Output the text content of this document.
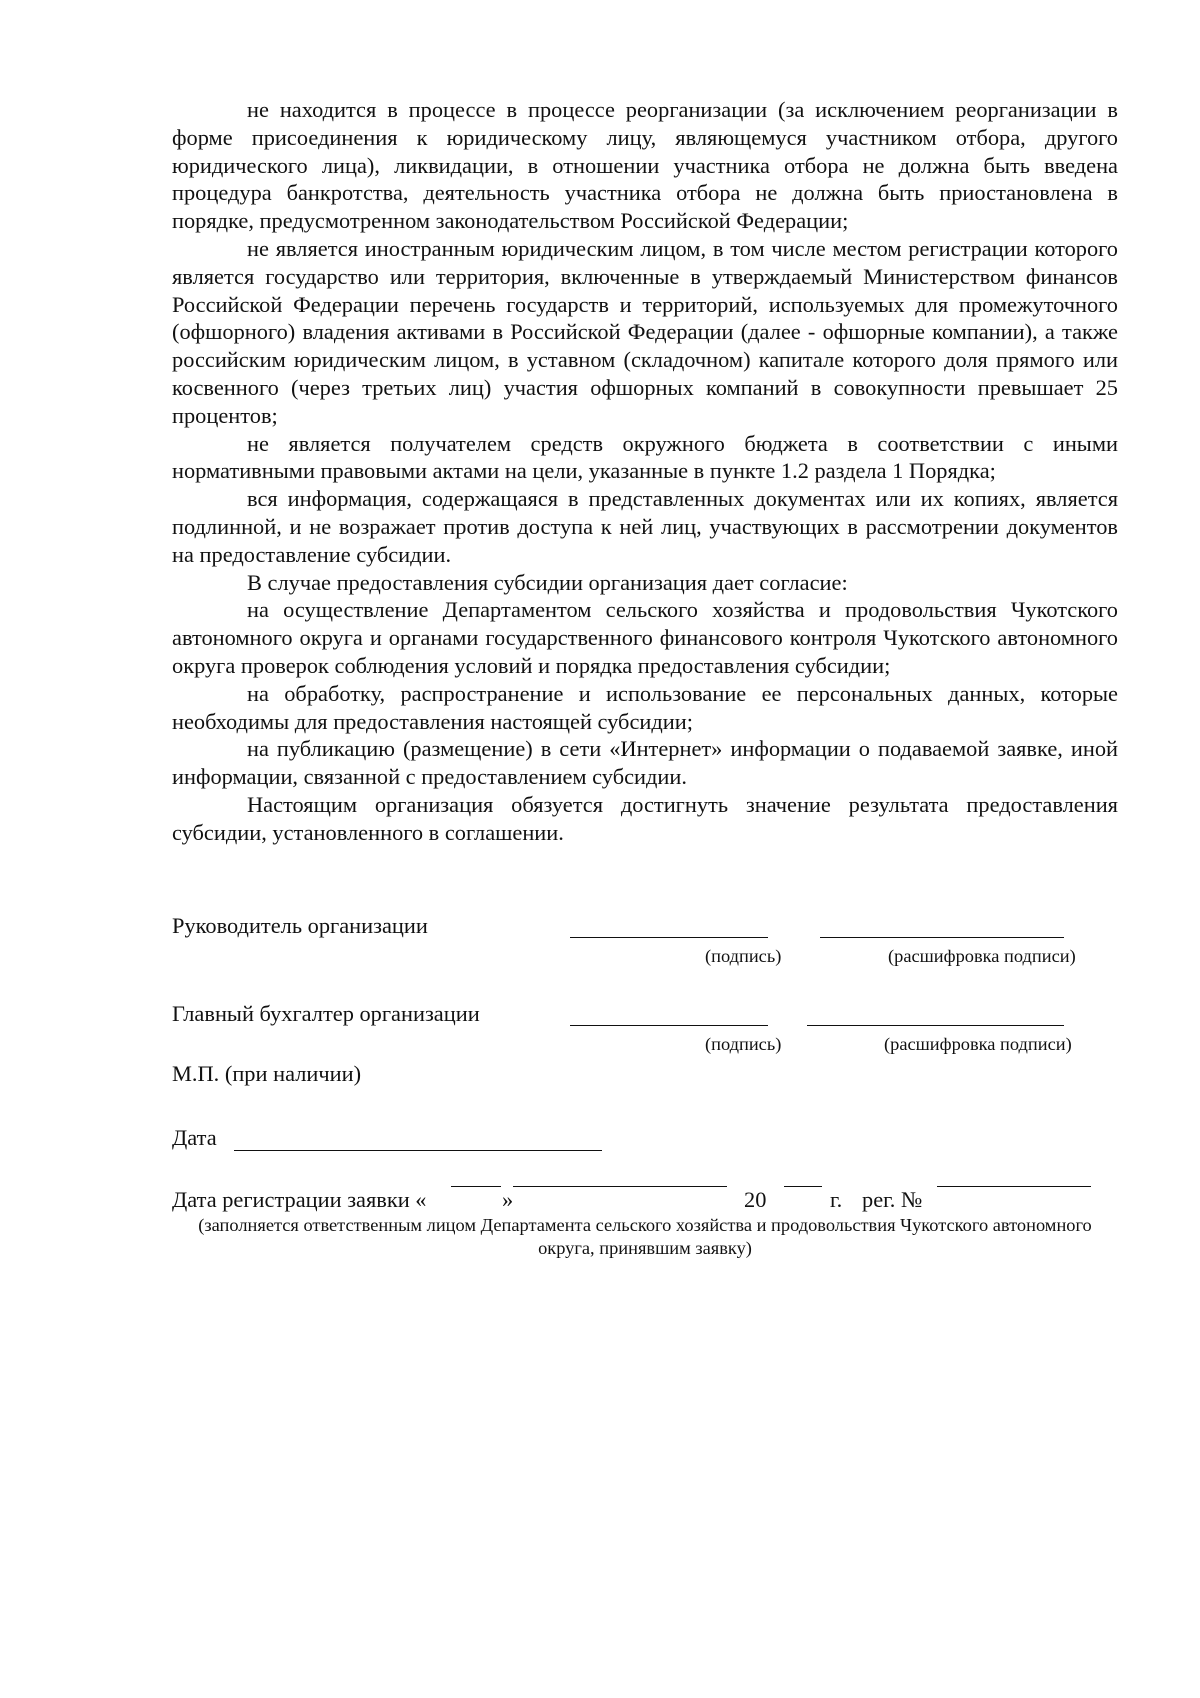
не находится в процессе в процессе реорганизации (за исключением реорганизации в форме присоединения к юридическому лицу, являющемуся участником отбора, другого юридического лица), ликвидации, в отношении участника отбора не должна быть введена процедура банкротства, деятельность участника отбора не должна быть приостановлена в порядке, предусмотренном законодательством Российской Федерации;

не является иностранным юридическим лицом, в том числе местом регистрации которого является государство или территория, включенные в утверждаемый Министерством финансов Российской Федерации перечень государств и территорий, используемых для промежуточного (офшорного) владения активами в Российской Федерации (далее - офшорные компании), а также российским юридическим лицом, в уставном (складочном) капитале которого доля прямого или косвенного (через третьих лиц) участия офшорных компаний в совокупности превышает 25 процентов;

не является получателем средств окружного бюджета в соответствии с иными нормативными правовыми актами на цели, указанные в пункте 1.2 раздела 1 Порядка;

вся информация, содержащаяся в представленных документах или их копиях, является подлинной, и не возражает против доступа к ней лиц, участвующих в рассмотрении документов на предоставление субсидии.

В случае предоставления субсидии организация дает согласие:

на осуществление Департаментом сельского хозяйства и продовольствия Чукотского автономного округа и органами государственного финансового контроля Чукотского автономного округа проверок соблюдения условий и порядка предоставления субсидии;

на обработку, распространение и использование ее персональных данных, которые необходимы для предоставления настоящей субсидии;

на публикацию (размещение) в сети «Интернет» информации о подаваемой заявке, иной информации, связанной с предоставлением субсидии.

Настоящим организация обязуется достигнуть значение результата предоставления субсидии, установленного в соглашении.

Руководитель организации
(подпись)	(расшифровка подписи)
Главный бухгалтер организации
(подпись)	(расшифровка подписи)
М.П. (при наличии)
Дата
Дата регистрации заявки «	»	20	г. рег. №
(заполняется ответственным лицом Департамента сельского хозяйства и продовольствия Чукотского автономного округа, принявшим заявку)
